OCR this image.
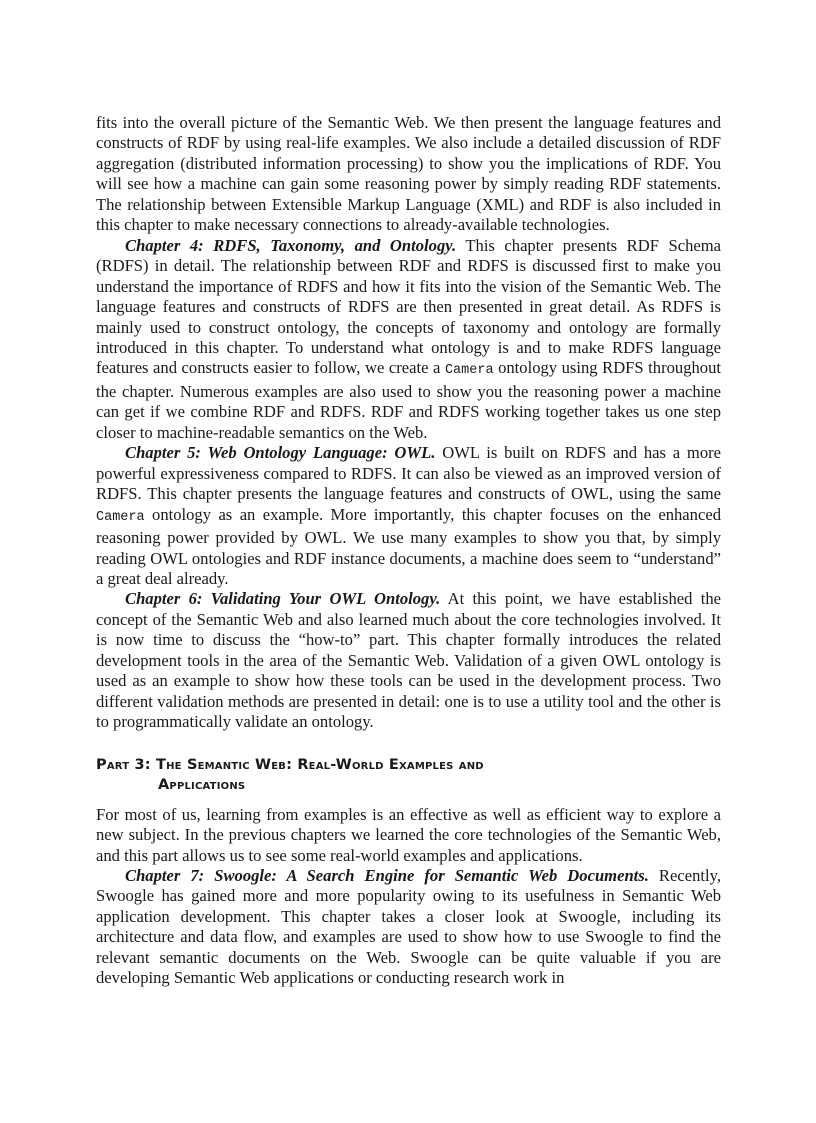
fits into the overall picture of the Semantic Web. We then present the language features and constructs of RDF by using real-life examples. We also include a detailed discussion of RDF aggregation (distributed information processing) to show you the implications of RDF. You will see how a machine can gain some reasoning power by simply reading RDF statements. The relationship between Extensible Markup Language (XML) and RDF is also included in this chapter to make necessary connections to already-available technologies.

Chapter 4: RDFS, Taxonomy, and Ontology. This chapter presents RDF Schema (RDFS) in detail. The relationship between RDF and RDFS is discussed first to make you understand the importance of RDFS and how it fits into the vision of the Semantic Web. The language features and constructs of RDFS are then presented in great detail. As RDFS is mainly used to construct ontology, the concepts of taxonomy and ontology are formally introduced in this chapter. To understand what ontology is and to make RDFS language features and constructs easier to follow, we create a Camera ontology using RDFS throughout the chapter. Numerous examples are also used to show you the reasoning power a machine can get if we combine RDF and RDFS. RDF and RDFS working together takes us one step closer to machine-readable semantics on the Web.

Chapter 5: Web Ontology Language: OWL. OWL is built on RDFS and has a more powerful expressiveness compared to RDFS. It can also be viewed as an improved version of RDFS. This chapter presents the language features and constructs of OWL, using the same Camera ontology as an example. More importantly, this chapter focuses on the enhanced reasoning power provided by OWL. We use many examples to show you that, by simply reading OWL ontologies and RDF instance documents, a machine does seem to “understand” a great deal already.

Chapter 6: Validating Your OWL Ontology. At this point, we have established the concept of the Semantic Web and also learned much about the core technologies involved. It is now time to discuss the “how-to” part. This chapter formally introduces the related development tools in the area of the Semantic Web. Validation of a given OWL ontology is used as an example to show how these tools can be used in the development process. Two different validation methods are presented in detail: one is to use a utility tool and the other is to programmatically validate an ontology.

Part 3: The Semantic Web: Real-World Examples and
Applications

For most of us, learning from examples is an effective as well as efficient way to explore a new subject. In the previous chapters we learned the core technologies of the Semantic Web, and this part allows us to see some real-world examples and applications.

Chapter 7: Swoogle: A Search Engine for Semantic Web Documents. Recently, Swoogle has gained more and more popularity owing to its usefulness in Semantic Web application development. This chapter takes a closer look at Swoogle, including its architecture and data flow, and examples are used to show how to use Swoogle to find the relevant semantic documents on the Web. Swoogle can be quite valuable if you are developing Semantic Web applications or conducting research work in
